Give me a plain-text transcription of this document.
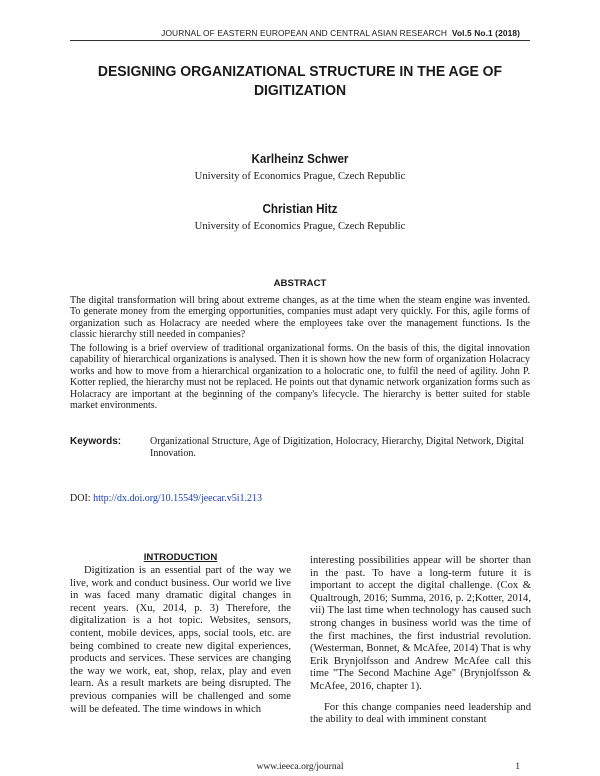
JOURNAL OF EASTERN EUROPEAN AND CENTRAL ASIAN RESEARCH Vol.5 No.1 (2018)
DESIGNING ORGANIZATIONAL STRUCTURE IN THE AGE OF
DIGITIZATION
Karlheinz Schwer
University of Economics Prague, Czech Republic
Christian Hitz
University of Economics Prague, Czech Republic
ABSTRACT
The digital transformation will bring about extreme changes, as at the time when the steam engine was invented. To generate money from the emerging opportunities, companies must adapt very quickly. For this, agile forms of organization such as Holacracy are needed where the employees take over the management functions. Is the classic hierarchy still needed in companies?
The following is a brief overview of traditional organizational forms. On the basis of this, the digital innovation capability of hierarchical organizations is analysed. Then it is shown how the new form of organization Holacracy works and how to move from a hierarchical organization to a holocratic one, to fulfil the need of agility. John P. Kotter replied, the hierarchy must not be replaced. He points out that dynamic network organization forms such as Holacracy are important at the beginning of the company's lifecycle. The hierarchy is better suited for stable market environments.
Keywords:	Organizational Structure, Age of Digitization, Holocracy, Hierarchy, Digital Network, Digital Innovation.
DOI: http://dx.doi.org/10.15549/jeecar.v5i1.213
INTRODUCTION
Digitization is an essential part of the way we live, work and conduct business. Our world we live in was faced many dramatic digital changes in recent years. (Xu, 2014, p. 3) Therefore, the digitalization is a hot topic. Websites, sensors, content, mobile devices, apps, social tools, etc. are being combined to create new digital experiences, products and services. These services are changing the way we work, eat, shop, relax, play and even learn. As a result markets are being disrupted. The previous companies will be challenged and some will be defeated. The time windows in which
interesting possibilities appear will be shorter than in the past. To have a long-term future it is important to accept the digital challenge. (Cox & Qualtrough, 2016; Summa, 2016, p. 2;Kotter, 2014, vii) The last time when technology has caused such strong changes in business world was the time of the first machines, the first industrial revolution. (Westerman, Bonnet, & McAfee, 2014) That is why Erik Brynjolfsson and Andrew McAfee call this time "The Second Machine Age" (Brynjolfsson & McAfee, 2016, chapter 1).
For this change companies need leadership and the ability to deal with imminent constant
www.ieeca.org/journal	1
